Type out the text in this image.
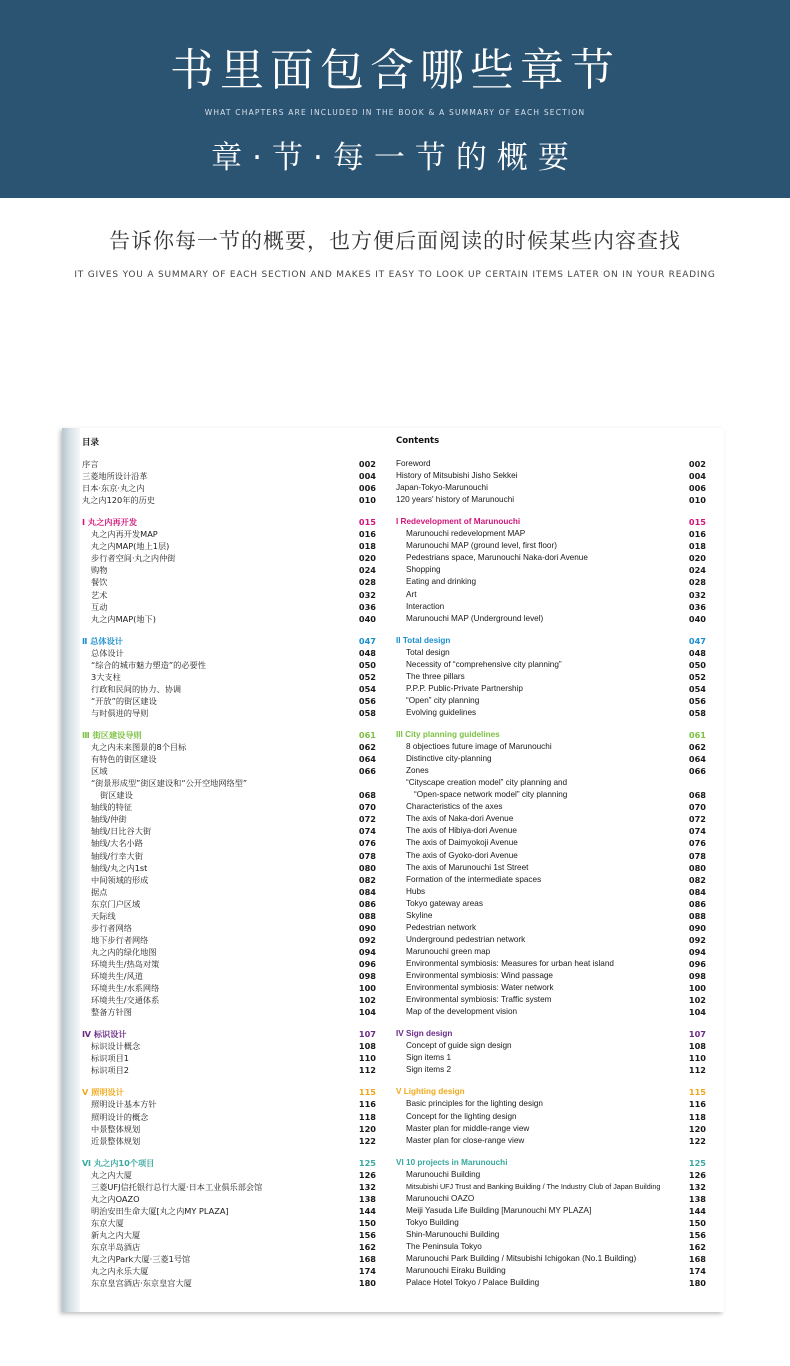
书里面包含哪些章节
WHAT CHAPTERS ARE INCLUDED IN THE BOOK & A SUMMARY OF EACH SECTION
章·节·每一节的概要
告诉你每一节的概要，也方便后面阅读的时候某些内容查找
IT GIVES YOU A SUMMARY OF EACH SECTION AND MAKES IT EASY TO LOOK UP CERTAIN ITEMS LATER ON IN YOUR READING
目录
序言	002
三菱地所设计沿革	004
日本·东京·丸之内	006
丸之内120年的历史	010
Ⅰ 丸之内再开发	015
丸之内再开发MAP	016
丸之内MAP(地上1层)	018
步行者空间·丸之内仲街	020
购物	024
餐饮	028
艺术	032
互动	036
丸之内MAP(地下)	040
Ⅱ 总体设计	047
总体设计	048
“综合的城市魅力塑造”的必要性	050
3大支柱	052
行政和民间的协力、协调	054
“开放”的街区建设	056
与时俱进的导则	058
Ⅲ 街区建设导则	061
丸之内未来图景的8个目标	062
有特色的街区建设	064
区域	066
“街景形成型”街区建设和“公开空地网络型”
街区建设	068
轴线的特征	070
轴线/仲街	072
轴线/日比谷大街	074
轴线/大名小路	076
轴线/行幸大街	078
轴线/丸之内1st	080
中间领域的形成	082
据点	084
东京门户区域	086
天际线	088
步行者网络	090
地下步行者网络	092
丸之内的绿化地图	094
环境共生/热岛对策	096
环境共生/风道	098
环境共生/水系网络	100
环境共生/交通体系	102
整备方针图	104
Ⅳ 标识设计	107
标识设计概念	108
标识项目1	110
标识项目2	112
Ⅴ 照明设计	115
照明设计基本方针	116
照明设计的概念	118
中景整体规划	120
近景整体规划	122
Ⅵ 丸之内10个项目	125
丸之内大厦	126
三菱UFJ信托银行总行大厦·日本工业俱乐部会馆	132
丸之内OAZO	138
明治安田生命大厦[丸之内MY PLAZA]	144
东京大厦	150
新丸之内大厦	156
东京半岛酒店	162
丸之内Park大厦·三菱1号馆	168
丸之内永乐大厦	174
东京皇宫酒店·东京皇宫大厦	180
Contents
Foreword	002
History of Mitsubishi Jisho Sekkei	004
Japan-Tokyo-Marunouchi	006
120 years' history of Marunouchi	010
I Redevelopment of Marunouchi	015
Marunouchi redevelopment MAP	016
Marunouchi MAP (ground level, first floor)	018
Pedestrians space, Marunouchi Naka-dori Avenue	020
Shopping	024
Eating and drinking	028
Art	032
Interaction	036
Marunouchi MAP (Underground level)	040
II Total design	047
Total design	048
Necessity of “comprehensive city planning”	050
The three pillars	052
P.P.P. Public-Private Partnership	054
“Open” city planning	056
Evolving guidelines	058
III City planning guidelines	061
8 objectioes future image of Marunouchi	062
Distinctive city-planning	064
Zones	066
“Cityscape creation model” city planning and
“Open-space network model” city planning	068
Characteristics of the axes	070
The axis of Naka-dori Avenue	072
The axis of Hibiya-dori Avenue	074
The axis of Daimyokoji Avenue	076
The axis of Gyoko-dori Avenue	078
The axis of Marunouchi 1st Street	080
Formation of the intermediate spaces	082
Hubs	084
Tokyo gateway areas	086
Skyline	088
Pedestrian network	090
Underground pedestrian network	092
Marunouchi green map	094
Environmental symbiosis: Measures for urban heat island	096
Environmental symbiosis: Wind passage	098
Environmental symbiosis: Water network	100
Environmental symbiosis: Traffic system	102
Map of the development vision	104
IV Sign design	107
Concept of guide sign design	108
Sign items 1	110
Sign items 2	112
V Lighting design	115
Basic principles for the lighting design	116
Concept for the lighting design	118
Master plan for middle-range view	120
Master plan for close-range view	122
VI 10 projects in Marunouchi	125
Marunouchi Building	126
Mitsubishi UFJ Trust and Banking Building / The Industry Club of Japan Building	132
Marunouchi OAZO	138
Meiji Yasuda Life Building [Marunouchi MY PLAZA]	144
Tokyo Building	150
Shin-Marunouchi Building	156
The Peninsula Tokyo	162
Marunouchi Park Building / Mitsubishi Ichigokan (No.1 Building)	168
Marunouchi Eiraku Building	174
Palace Hotel Tokyo / Palace Building	180
